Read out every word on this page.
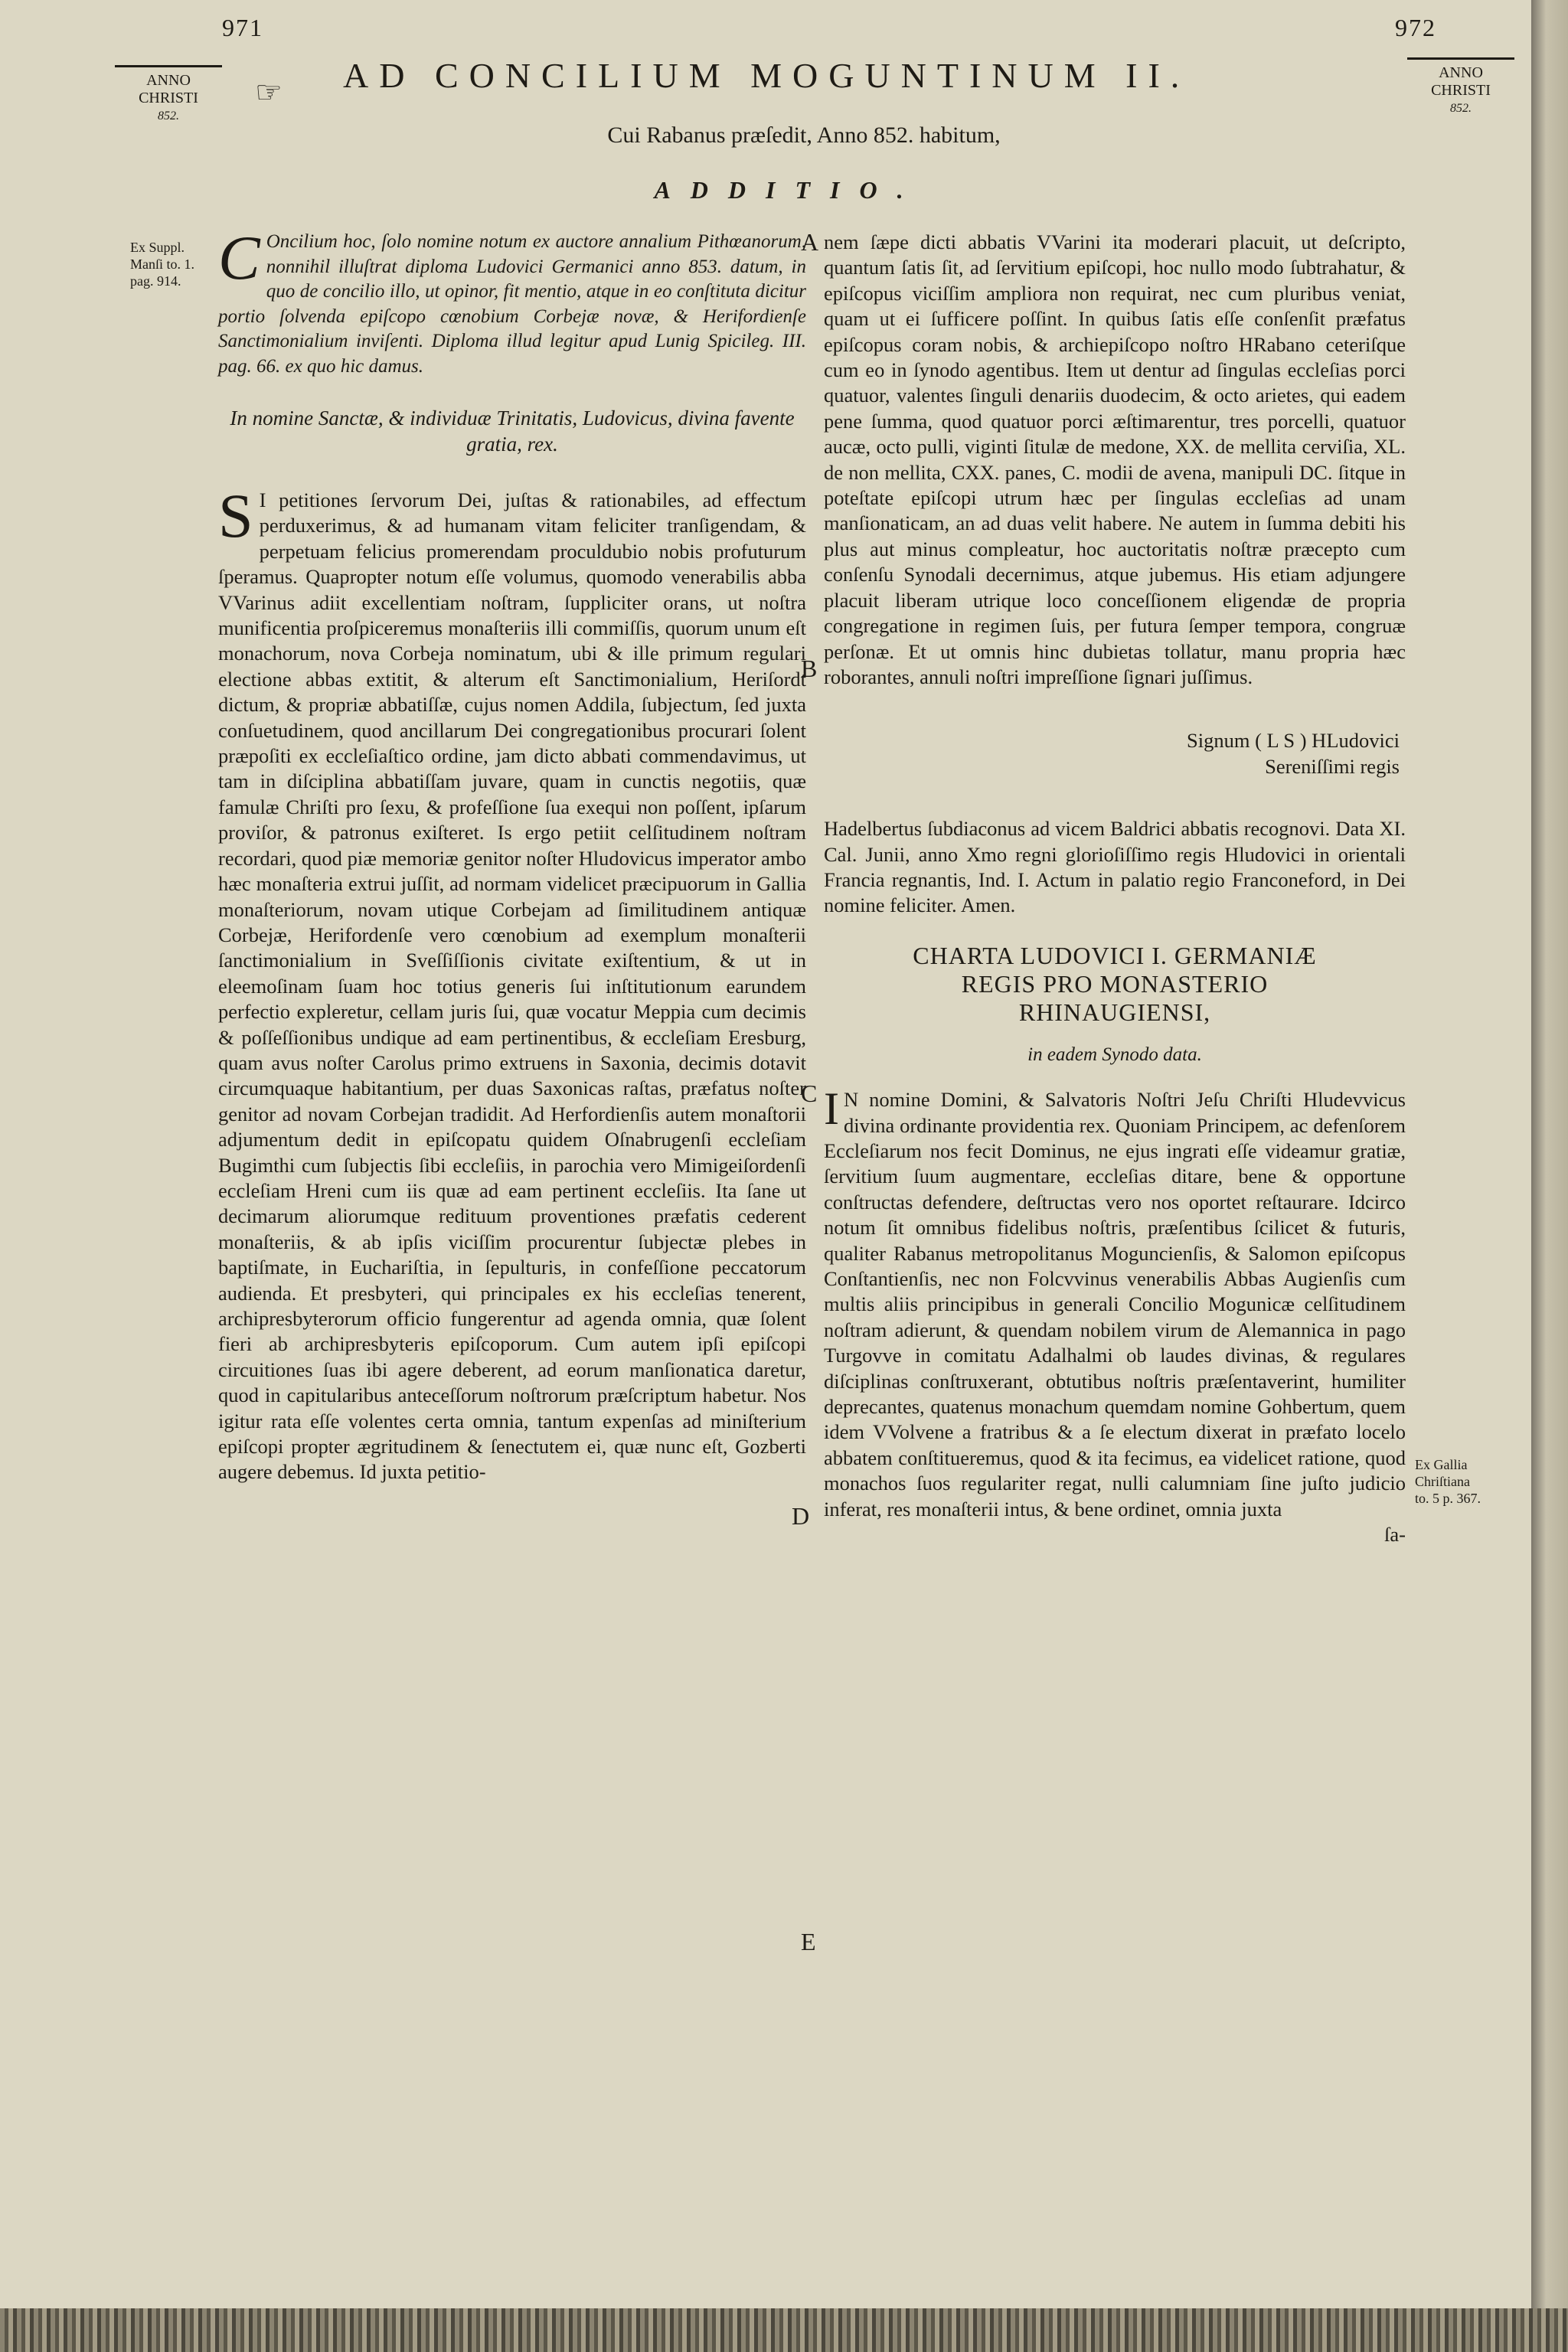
971	972
ANNO
CHRISTI
852.
ANNO
CHRISTI
852.
☞ AD CONCILIUM MOGUNTINUM II.
Cui Rabanus præſedit, Anno 852. habitum,
ADDITIO.

Ex Suppl.

Manſi to. 1.

pag. 914.

Ex Gallia

Chriſtiana

to. 5 p. 367.

A
B
C
D
E

C Oncilium hoc, ſolo nomine notum ex auctore annalium Pithœanorum, nonnihil illuſtrat diploma Ludovici Germanici anno 853. datum, in quo de concilio illo, ut opinor, fit mentio, atque in eo conſtituta dicitur portio ſolvenda epiſcopo cœnobium Corbejæ novæ, & Herifordienſe Sanctimonialium inviſenti. Diploma illud legitur apud Lunig Spicileg. III. pag. 66. ex quo hic damus.

In nomine Sanctæ, & individuæ Trinitatis, Ludovicus, divina favente gratia, rex.

S I petitiones ſervorum Dei, juſtas & rationabiles, ad effectum perduxerimus, & ad humanam vitam feliciter tranſigendam, & perpetuam felicius promerendam proculdubio nobis profuturum ſperamus. Quapropter notum eſſe volumus, quomodo venerabilis abba VVarinus adiit excellentiam noſtram, ſuppliciter orans, ut noſtra munificentia proſpiceremus monaſteriis illi commiſſis, quorum unum eſt monachorum, nova Corbeja nominatum, ubi & ille primum regulari electione abbas extitit, & alterum eſt Sanctimonialium, Heriſordt dictum, & propriæ abbatiſſæ, cujus nomen Addila, ſubjectum, ſed juxta conſuetudinem, quod ancillarum Dei congregationibus procurari ſolent præpoſiti ex eccleſiaſtico ordine, jam dicto abbati commendavimus, ut tam in diſciplina abbatiſſam juvare, quam in cunctis negotiis, quæ famulæ Chriſti pro ſexu, & profeſſione ſua exequi non poſſent, ipſarum proviſor, & patronus exiſteret. Is ergo petiit celſitudinem noſtram recordari, quod piæ memoriæ genitor noſter Hludovicus imperator ambo hæc monaſteria extrui juſſit, ad normam videlicet præcipuorum in Gallia monaſteriorum, novam utique Corbejam ad ſimilitudinem antiquæ Corbejæ, Herifordenſe vero cœnobium ad exemplum monaſterii ſanctimonialium in Sveſſiſſionis civitate exiſtentium, & ut in eleemoſinam ſuam hoc totius generis ſui inſtitutionum earundem perfectio expleretur, cellam juris ſui, quæ vocatur Meppia cum decimis & poſſeſſionibus undique ad eam pertinentibus, & eccleſiam Eresburg, quam avus noſter Carolus primo extruens in Saxonia, decimis dotavit circumquaque habitantium, per duas Saxonicas raſtas, præfatus noſter genitor ad novam Corbejan tradidit. Ad Herfordienſis autem monaſtorii adjumentum dedit in epiſcopatu quidem Oſnabrugenſi eccleſiam Bugimthi cum ſubjectis ſibi eccleſiis, in parochia vero Mimigeiſordenſi eccleſiam Hreni cum iis quæ ad eam pertinent eccleſiis. Ita ſane ut decimarum aliorumque redituum proventiones præfatis cederent monaſteriis, & ab ipſis viciſſim procurentur ſubjectæ plebes in baptiſmate, in Euchariſtia, in ſepulturis, in confeſſione peccatorum audienda. Et presbyteri, qui principales ex his eccleſias tenerent, archipresbyterorum officio fungerentur ad agenda omnia, quæ ſolent fieri ab archipresbyteris epiſcoporum. Cum autem ipſi epiſcopi circuitiones ſuas ibi agere deberent, ad eorum manſionatica daretur, quod in capitularibus anteceſſorum noſtrorum præſcriptum habetur. Nos igitur rata eſſe volentes certa omnia, tantum expenſas ad miniſterium epiſcopi propter ægritudinem & ſenectutem ei, quæ nunc eſt, Gozberti augere debemus. Id juxta petitio-

nem ſæpe dicti abbatis VVarini ita moderari placuit, ut deſcripto, quantum ſatis ſit, ad ſervitium epiſcopi, hoc nullo modo ſubtrahatur, & epiſcopus viciſſim ampliora non requirat, nec cum pluribus veniat, quam ut ei ſufficere poſſint. In quibus ſatis eſſe conſenſit præfatus epiſcopus coram nobis, & archiepiſcopo noſtro HRabano ceteriſque cum eo in ſynodo agentibus. Item ut dentur ad ſingulas eccleſias porci quatuor, valentes ſinguli denariis duodecim, & octo arietes, qui eadem pene ſumma, quod quatuor porci æſtimarentur, tres porcelli, quatuor aucæ, octo pulli, viginti ſitulæ de medone, XX. de mellita cerviſia, XL. de non mellita, CXX. panes, C. modii de avena, manipuli DC. ſitque in poteſtate epiſcopi utrum hæc per ſingulas eccleſias ad unam manſionaticam, an ad duas velit habere. Ne autem in ſumma debiti his plus aut minus compleatur, hoc auctoritatis noſtræ præcepto cum conſenſu Synodali decernimus, atque jubemus. His etiam adjungere placuit liberam utrique loco conceſſionem eligendæ de propria congregatione in regimen ſuis, per futura ſemper tempora, congruæ perſonæ. Et ut omnis hinc dubietas tollatur, manu propria hæc roborantes, annuli noſtri impreſſione ſignari juſſimus.

Signum ( L S ) HLudovici

Sereniſſimi regis

Hadelbertus ſubdiaconus ad vicem Baldrici abbatis recognovi. Data XI. Cal. Junii, anno Xmo regni glorioſiſſimo regis Hludovici in orientali Francia regnantis, Ind. I. Actum in palatio regio Franconeford, in Dei nomine feliciter. Amen.

CHARTA LUDOVICI I. GERMANIÆ

REGIS PRO MONASTERIO

RHINAUGIENSI,

in eadem Synodo data.

I N nomine Domini, & Salvatoris Noſtri Jeſu Chriſti Hludevvicus divina ordinante providentia rex. Quoniam Principem, ac defenſorem Eccleſiarum nos fecit Dominus, ne ejus ingrati eſſe videamur gratiæ, ſervitium ſuum augmentare, eccleſias ditare, bene & opportune conſtructas defendere, deſtructas vero nos oportet reſtaurare. Idcirco notum ſit omnibus fidelibus noſtris, præſentibus ſcilicet & futuris, qualiter Rabanus metropolitanus Moguncienſis, & Salomon epiſcopus Conſtantienſis, nec non Folcvvinus venerabilis Abbas Augienſis cum multis aliis principibus in generali Concilio Mogunicæ celſitudinem noſtram adierunt, & quendam nobilem virum de Alemannica in pago Turgovve in comitatu Adalhalmi ob laudes divinas, & regulares diſciplinas conſtruxerant, obtutibus noſtris præſentaverint, humiliter deprecantes, quatenus monachum quemdam nomine Gohbertum, quem idem VVolvene a fratribus & a ſe electum dixerat in præfato locelo abbatem conſtitueremus, quod & ita fecimus, ea videlicet ratione, quod monachos ſuos regulariter regat, nulli calumniam ſine juſto judicio inferat, res monaſterii intus, & bene ordinet, omnia juxta

ſa-
